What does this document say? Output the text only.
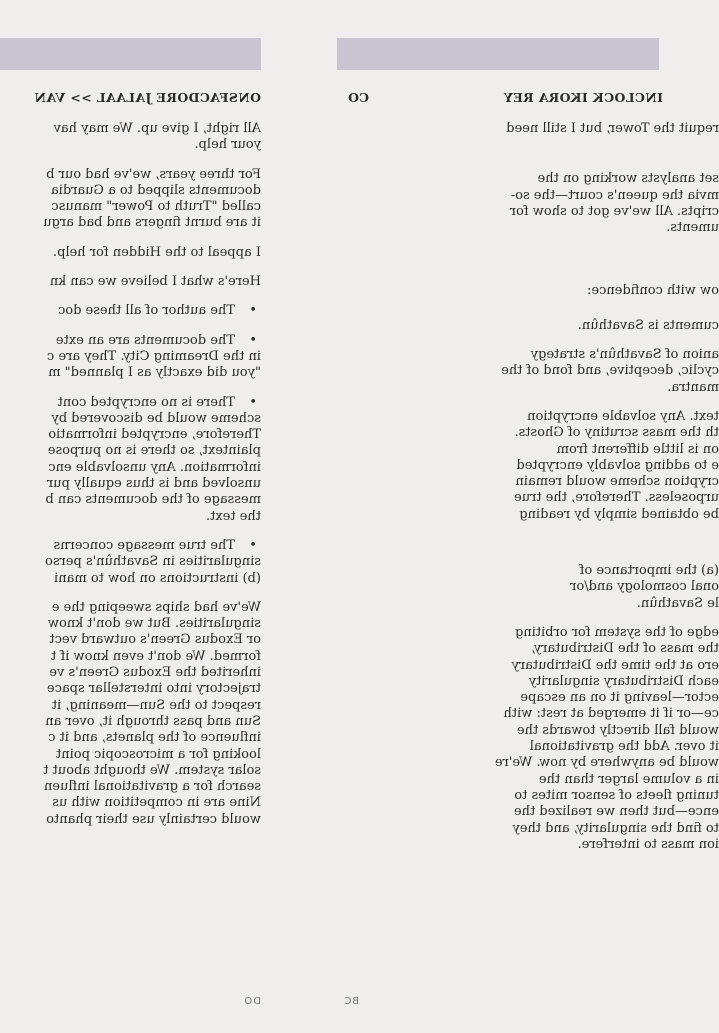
INCLOCK IKORA REY
CO
requit the Tower, but I still need
set analysts working on the
mvia the queen's court—the so-
cripts. All we've got to show for
uments.
ow with confidence:
cuments is Savathûn.
anion of Savathûn's strategy
cyclic, deceptive, and fond of the
mantra.
text. Any solvable encryption
th the mass scrutiny of Ghosts.
on is little different from
e to adding solvably encrypted
cryption scheme would remain
urposeless. Therefore, the true
be obtained simply by reading
(a) the importance of
onal cosmology and/or
le Savathûn.
edge of the system for orbiting
the mass of the Distributary,
ero at the time the Distributary
each Distributary singularity
ector—leaving it on an escape
ce—or if it emerged at rest: with
would fall directly towards the
it over. Add the gravitational
would be anywhere by now. We're
in a volume larger than the
tuning fleets of sensor mites to
ence—but then we realized the
to find the singularity, and they
ion mass to interfere.
BC
ONSFACDORE JALAAL >> VAN
All right, I give up. We may hav
your help.
For three years, we've had our b
documents slipped to a Guardia
called "Truth to Power" manusc
it are burnt fingers and bad argu
I appeal to the Hidden for help.
Here's what I believe we can kn
• The author of all these doc
• The documents are an exte
in the Dreaming City. They are c
"you did exactly as I planned" m
• There is no encrypted cont
scheme would be discovered by
Therefore, encrypted informatio
plaintext, so there is no purpose
information. Any unsolvable enc
unsolved and is thus equally pur
message of the documents can b
the text.
• The true message concerns
singularities in Savathûn's perso
(b) instructions on how to mani
We've had ships sweeping the e
singularities. But we don't know
or Exodus Green's outward vect
formed. We don't even know if t
inherited the Exodus Green's ve
trajectory into interstellar space
respect to the Sun—meaning, it
Sun and pass through it, over an
influence of the planets, and it c
looking for a microscopic point
solar system. We thought about t
search for a gravitational influen
Nine are in competition with us
would certainly use their phanto
DO
